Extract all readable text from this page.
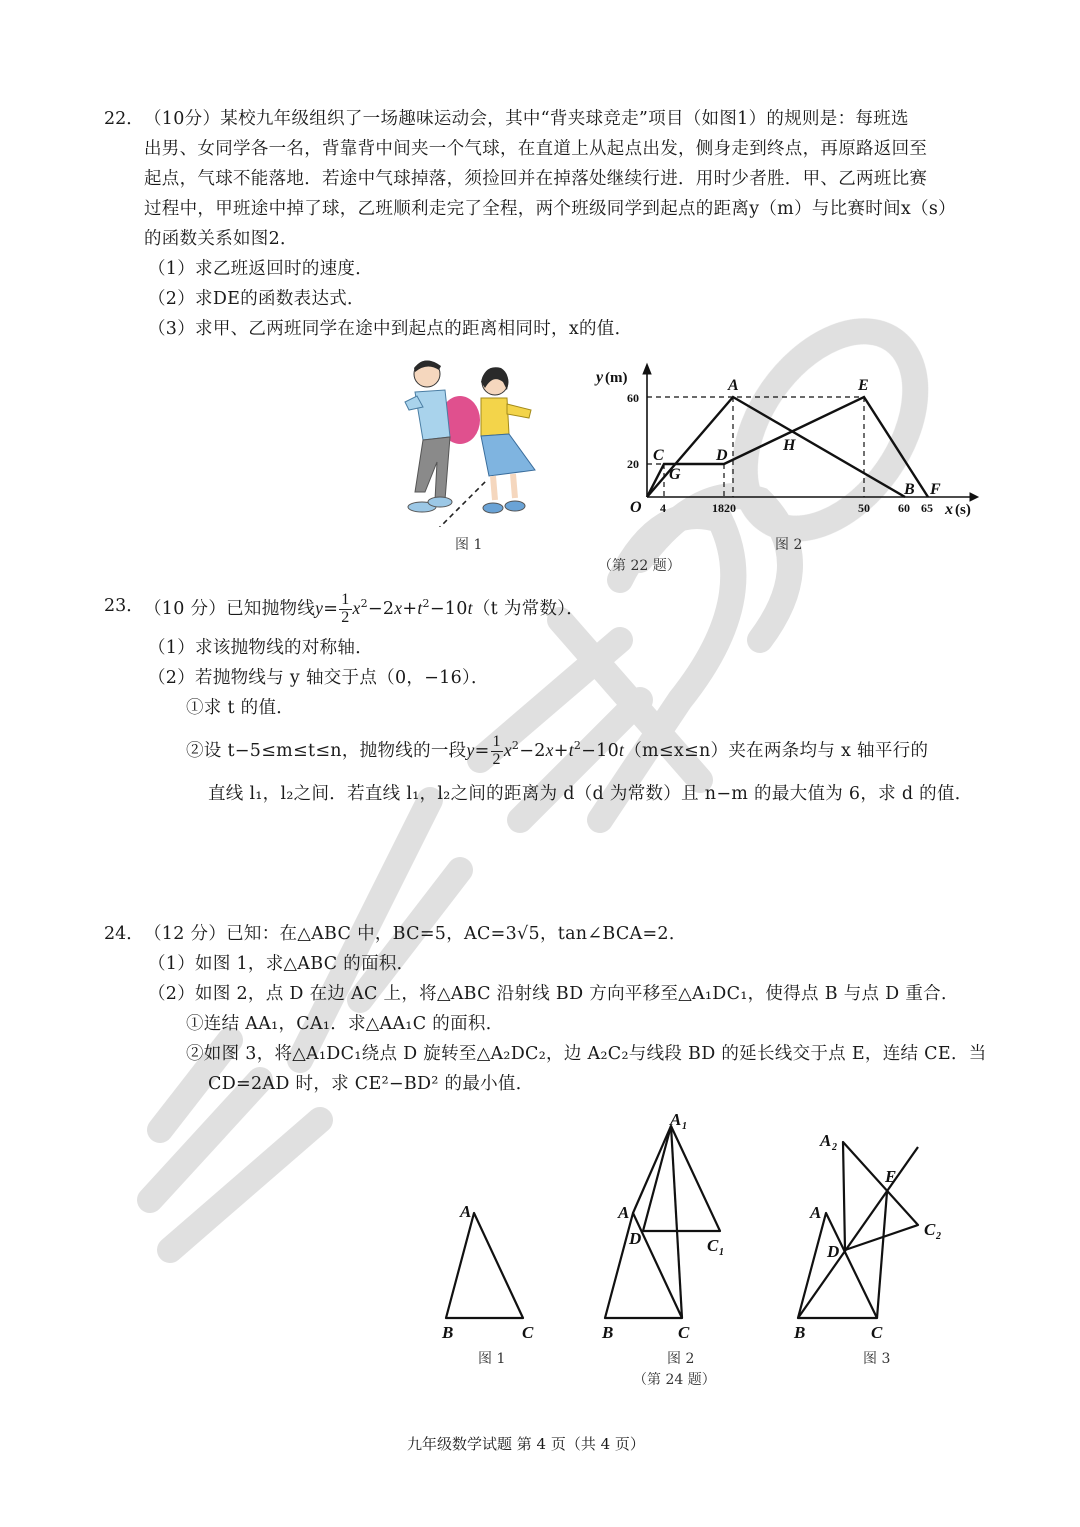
22． （10分）某校九年级组织了一场趣味运动会，其中“背夹球竞走”项目（如图1）的规则是：每班选
出男、女同学各一名，背靠背中间夹一个气球，在直道上从起点出发，侧身走到终点，再原路返回至
起点，气球不能落地．若途中气球掉落，须捡回并在掉落处继续行进．用时少者胜．甲、乙两班比赛
过程中，甲班途中掉了球，乙班顺利走完了全程，两个班级同学到起点的距离y（m）与比赛时间x（s）
的函数关系如图2．
（1）求乙班返回时的速度．
（2）求DE的函数表达式．
（3）求甲、乙两班同学在途中到起点的距离相同时，x的值．
图 1
y (m)
60
20
O 4	1820	50 60 65 x (s)
A	E
C
G
D
H
B F
图 2
（第 22 题）
23． （10 分）已知抛物线$y= \frac{1}{2} x^2-2x+t^2-10t(t$ 为常数）．
（1）求该抛物线的对称轴．
（2）若抛物线与 y 轴交于点（0，−16）．
①求 t 的值．
②设 t−5≤m≤t≤n，抛物线的一段$y= \frac{1}{2} x^2-2x+t^2-10t(m\le x\le n)$夹在两条均与 x 轴平行的
直线 l₁，l₂之间．若直线 l₁，l₂之间的距离为 d（d 为常数）且 n−m 的最大值为 6，求 d 的值．
24． （12 分）已知：在△ABC 中，BC=5，AC=3√5，tan∠BCA=2．
（1）如图 1，求△ABC 的面积．
（2）如图 2，点 D 在边 AC 上，将△ABC 沿射线 BD 方向平移至△A₁DC₁，使得点 B 与点 D 重合．
①连结 AA₁，CA₁．求△AA₁C 的面积．
②如图 3，将△A₁DC₁绕点 D 旋转至△A₂DC₂，边 A₂C₂与线段 BD 的延长线交于点 E，连结 CE．当
CD=2AD 时，求 CE²−BD² 的最小值．
A
B	C
A 1
A
D	C 1
B	C
A 2
E
A
D
C 2
B	C
图 1	图 2	图 3
（第 24 题）
九年级数学试题 第 4 页（共 4 页）
